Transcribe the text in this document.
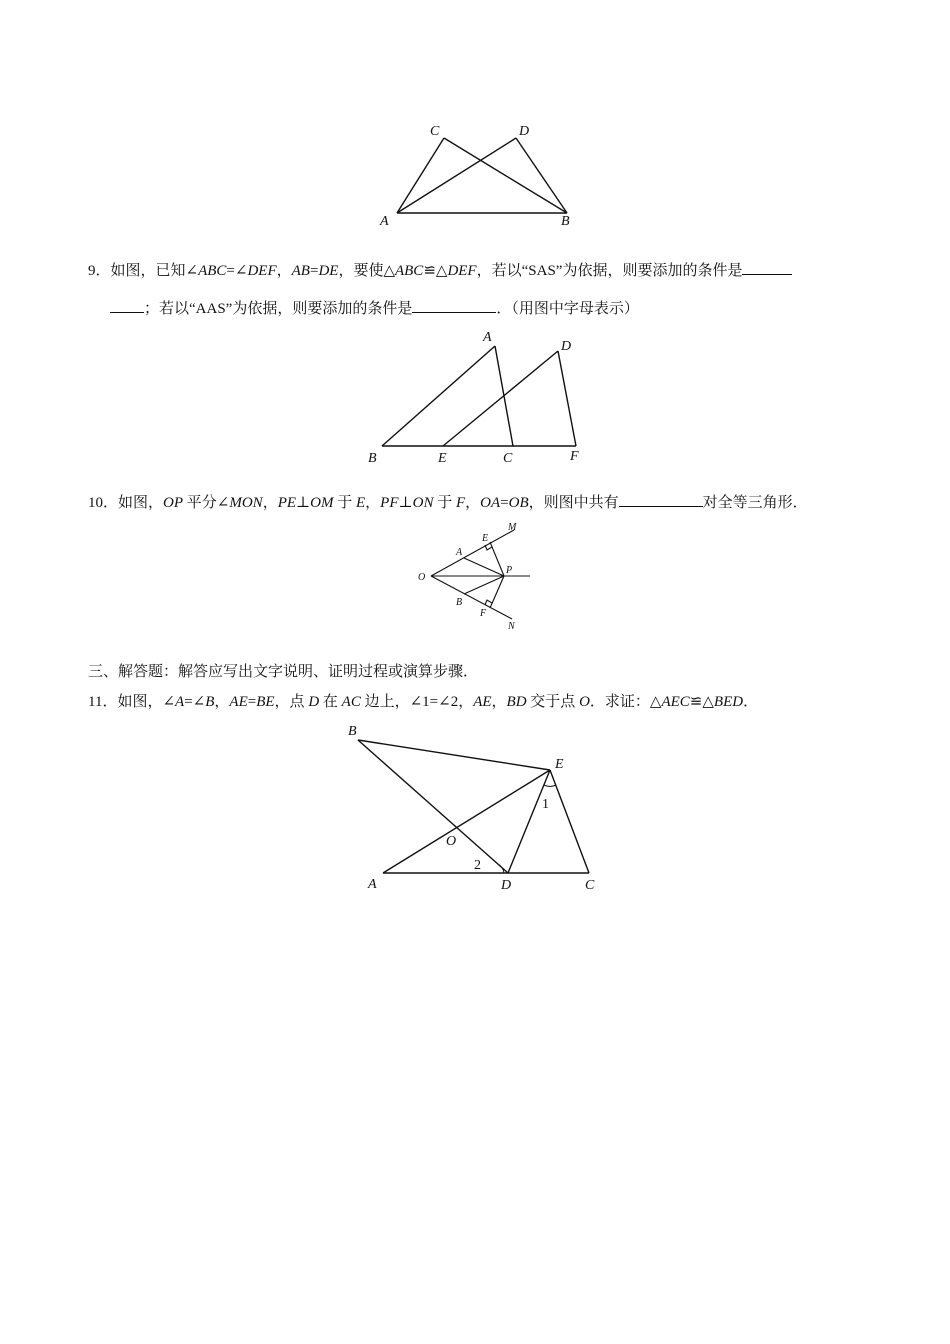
C	D
A	B
9．如图，已知∠ABC=∠DEF，AB=DE，要使△ABC≌△DEF，若以“SAS”为依据，则要添加的条件是
；若以“AAS”为依据，则要添加的条件是	．（用图中字母表示）
A
D
B	E	C	F
10．如图，OP 平分∠MON，PE⊥OM 于 E，PF⊥ON 于 F，OA=OB，则图中共有	对全等三角形．
M
E
A
O
P
B
F
N
三、解答题：解答应写出文字说明、证明过程或演算步骤．
11．如图，∠A=∠B，AE=BE，点 D 在 AC 边上，∠1=∠2，AE，BD 交于点 O．求证：△AEC≌△BED．
B
E
1
O
2
A	D	C
